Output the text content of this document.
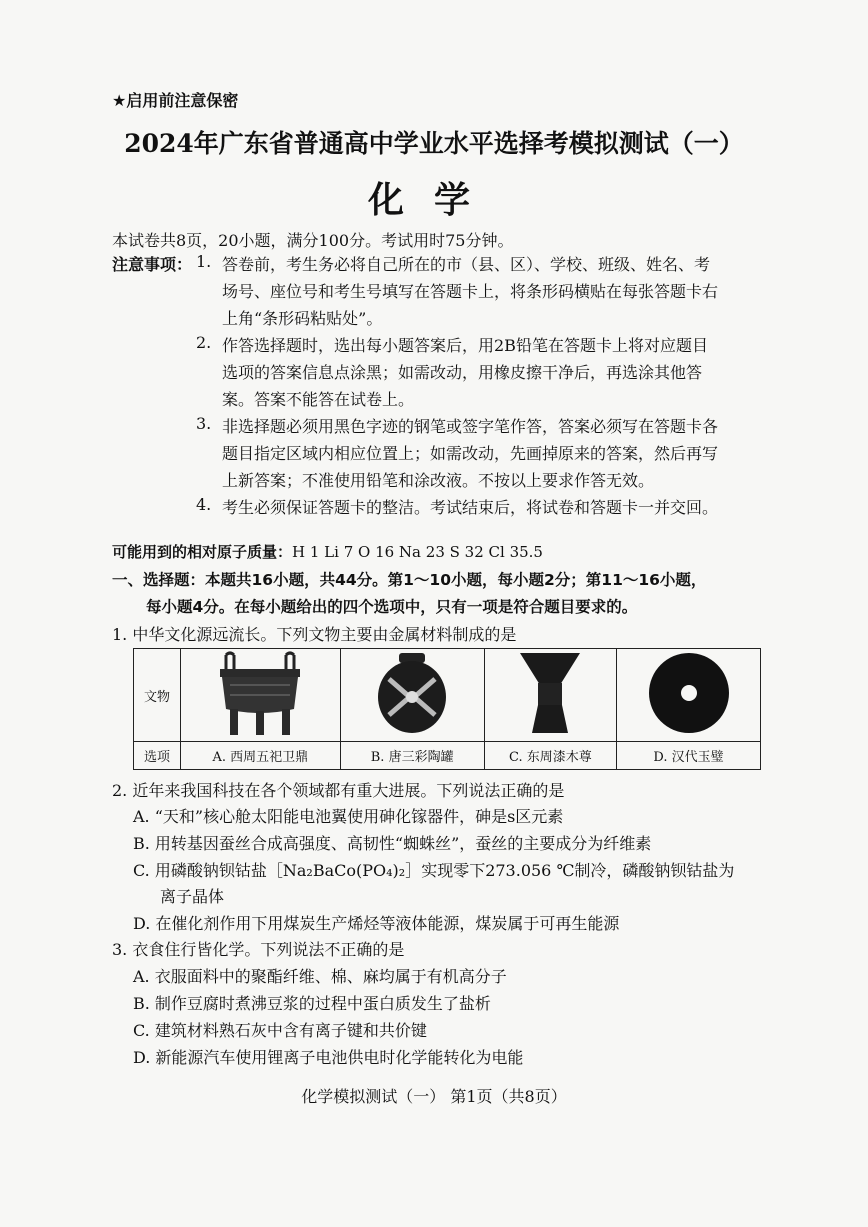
★启用前注意保密
2024年广东省普通高中学业水平选择考模拟测试（一）
化学
本试卷共8页，20小题，满分100分。考试用时75分钟。
注意事项： 1. 答卷前，考生务必将自己所在的市（县、区）、学校、班级、姓名、考
场号、座位号和考生号填写在答题卡上，将条形码横贴在每张答题卡右
上角“条形码粘贴处”。
2. 作答选择题时，选出每小题答案后，用2B铅笔在答题卡上将对应题目
选项的答案信息点涂黑；如需改动，用橡皮擦干净后，再选涂其他答
案。答案不能答在试卷上。
3. 非选择题必须用黑色字迹的钢笔或签字笔作答，答案必须写在答题卡各
题目指定区域内相应位置上；如需改动，先画掉原来的答案，然后再写
上新答案；不准使用铅笔和涂改液。不按以上要求作答无效。
4. 考生必须保证答题卡的整洁。考试结束后，将试卷和答题卡一并交回。
可能用到的相对原子质量：H 1 Li 7 O 16 Na 23 S 32 Cl 35.5
一、选择题：本题共16小题，共44分。第1～10小题，每小题2分；第11～16小题，
每小题4分。在每小题给出的四个选项中，只有一项是符合题目要求的。
1. 中华文化源远流长。下列文物主要由金属材料制成的是
文物				
选项	A. 西周五祀卫鼎	B. 唐三彩陶罐	C. 东周漆木尊	D. 汉代玉璧
2. 近年来我国科技在各个领域都有重大进展。下列说法正确的是
A. “天和”核心舱太阳能电池翼使用砷化镓器件，砷是s区元素
B. 用转基因蚕丝合成高强度、高韧性“蜘蛛丝”，蚕丝的主要成分为纤维素
C. 用磷酸钠钡钴盐［Na₂BaCo(PO₄)₂］实现零下273.056 ℃制冷，磷酸钠钡钴盐为
离子晶体
D. 在催化剂作用下用煤炭生产烯烃等液体能源，煤炭属于可再生能源
3. 衣食住行皆化学。下列说法不正确的是
A. 衣服面料中的聚酯纤维、棉、麻均属于有机高分子
B. 制作豆腐时煮沸豆浆的过程中蛋白质发生了盐析
C. 建筑材料熟石灰中含有离子键和共价键
D. 新能源汽车使用锂离子电池供电时化学能转化为电能
化学模拟测试（一） 第1页（共8页）
